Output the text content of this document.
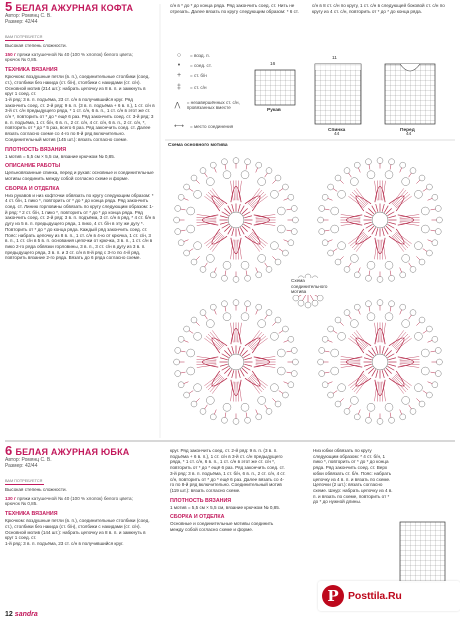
5 БЕЛАЯ АЖУРНАЯ КОФТА
Автор: Ромянц С. В.
Размер: 42/44
ВАМ ПОТРЕБУЕТСЯ
Высокая степень сложности.
150 г пряжи катушечной № 40 (100 % хлопок) белого цвета;
крючок № 0,85.
ТЕХНИКА ВЯЗАНИЯ
Крючком: воздушные петли (в. п.), соединительные столбики (соед. ст.), столбики без накида (ст. б/н), столбики с накидами (ст. с/н).
Основной мотив (214 шт.): набрать цепочку из 8 в. п. и замкнуть в круг 1 соед. ст.
1-й ряд: 3 в. п. подъёма, 23 ст. с/н в получившийся круг. Ряд закончить соед. ст. 2-й ряд: 9 в. п. (3 в. п. подъёма + 6 в. п.), 1 ст. с/н в 3-й ст. с/н предыдущего ряда, * 1 ст. с/н, 6 в. п., 1 ст. с/н в этот же ст. с/н *, повторить от * до * ещё 6 раз. Ряд закончить соед. ст. 3-й ряд: 3 в. п. подъёма, 1 ст. б/н, 6 в. п., 2 ст. с/н, 4 ст. с/н, 6 в. п., 2 ст. с/н, *, повторить от * до * 5 раз, всего 6 раз. Ряд закончить соед. ст. Далее вязать согласно схеме со 4-го по 8-й ряд включительно. Соединительный мотив (145 шт.): вязать согласно схеме.
ПЛОТНОСТЬ ВЯЗАНИЯ
1 мотив = 5,5 см × 5,5 см, вязание крючком № 0,85.
ОПИСАНИЕ РАБОТЫ
Цельновязанные спинка, перед и рукав: основные и соединительные мотивы соединить между собой согласно схеме и форме.
СБОРКА И ОТДЕЛКА
Низ рукавов и низ кофточки обвязать по кругу следующим образом: * 4 ст. б/н, 1 пико *, повторить от * до * до конца ряда. Ряд закончить соед. ст. Линию горловины обвязать по кругу следующим образом: 1-й ряд: * 2 ст. б/н, 1 пико *, повторить от * до * до конца ряда. Ряд закончить соед. ст. 2-й ряд: 3 в. п. подъёма, 3 ст. с/н в ряд, * 4 ст. б/н в дугу из 5 в. п. предыдущего ряда, 1 пико, 4 ст. б/н в эту же дугу *. Повторить от * до * до конца ряда. Каждый ряд закончить соед. ст. Пояс: набрать цепочку из 8 в. п., 1 ст. с/н в 4-ю от крючка, 1 ст. с/н, 3 в. п., 1 ст. с/н в 5 в. п. основания цепочки от крючка, 3 в. п., 1 ст. с/н в пико 2-го ряда обвязки горловины, 3 в. п., 3 ст. с/н в дугу из 3 в. п. предыдущего ряда, 3 в. п. и 3 ст. с/н в 8-й ряд с 3-го по 4-й ряд, повторить вязание 2-го ряда. Вязать до 6 ряда согласно схеме.
с/н в * до * до конца ряда. Ряд закончить соед. ст. Нить не отрезать. Далее вязать по кругу следующим образом: * 6 ст.
с/н в 8 ст. с/н по кругу, 1 ст. с/н в следующей боковой ст. с/н по кругу из 4 ст. с/н, повторить от * до * до конца ряда.
○	= возд. п.
•	= соед. ст.
+	= ст. б/н
‡	= ст. с/н
⋀	= незавершённых ст. с/н, провязанных вместе
⟷	= место соединения
Рукав
Спинка	Перед
16
11
44	44
Схема основного мотива
Схема соединительного мотива
6 БЕЛАЯ АЖУРНАЯ ЮБКА
Автор: Ромянц С. В.
Размер: 42/44
ВАМ ПОТРЕБУЕТСЯ
Высокая степень сложности.
130 г пряжи катушечной № 40 (100 % хлопок) белого цвета;
крючок № 0,85.
ТЕХНИКА ВЯЗАНИЯ
Крючком: воздушные петли (в. п.), соединительные столбики (соед. ст.), столбики без накида (ст. б/н), столбики с накидами (ст. с/н).
Основной мотив (144 шт.): набрать цепочку из 8 в. п. и замкнуть в круг 1 соед. ст.
1-й ряд: 3 в. п. подъёма, 23 ст. с/н в получившийся круг.
круг. Ряд закончить соед. ст. 2-й ряд: 9 в. п. (3 в. п. подъёма + 6 в. п.), 1 ст. с/н в 3-й ст. с/н предыдущего ряда, * 1 ст. с/н, 6 в. п., 1 ст. с/н в этот же ст. с/н *, повторить от * до * ещё 6 раз. Ряд закончить соед. ст. 3-й ряд: 3 в. п. подъёма, 1 ст. б/н, 6 в. п., 2 ст. с/н, 4 ст. с/н, повторить от * до * ещё 6 раз. Далее вязать со 4-го по 8-й ряд включительно. Соединительный мотив (119 шт.): вязать согласно схеме.
ПЛОТНОСТЬ ВЯЗАНИЯ
1 мотив = 5,5 см × 5,5 см, вязание крючком № 0,85.
СБОРКА И ОТДЕЛКА
Основные и соединительные мотивы соединить между собой согласно схеме и форме.
Низ юбки обвязать по кругу следующим образом: * 4 ст. б/н, 1 пико *, повторить от * до * до конца ряда. Ряд закончить соед. ст. Верх юбки обвязать ст. б/н. Пояс: набрать цепочку из 4 в. п. и вязать по схеме. Цепочки (2 шт.): вязать согласно схеме. Шнур: набрать цепочку из 4 в. п. и вязать по схеме, повторить от * до * до нужной длины.
12 sandra
P Posttila.Ru
